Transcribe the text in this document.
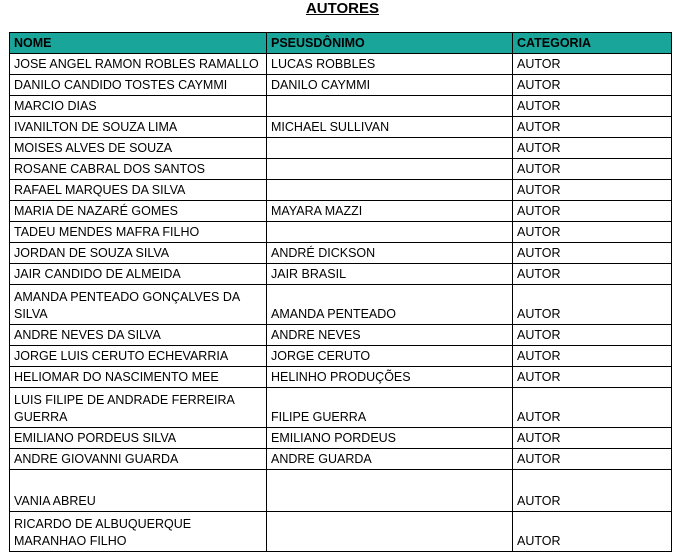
AUTORES
NOME	PSEUSDÔNIMO	CATEGORIA
JOSE ANGEL RAMON ROBLES RAMALLO	LUCAS ROBBLES	AUTOR
DANILO CANDIDO TOSTES CAYMMI	DANILO CAYMMI	AUTOR
MARCIO DIAS		AUTOR
IVANILTON DE SOUZA LIMA	MICHAEL SULLIVAN	AUTOR
MOISES ALVES DE SOUZA		AUTOR
ROSANE CABRAL DOS SANTOS		AUTOR
RAFAEL MARQUES DA SILVA		AUTOR
MARIA DE NAZARÉ GOMES	MAYARA MAZZI	AUTOR
TADEU MENDES MAFRA FILHO		AUTOR
JORDAN DE SOUZA SILVA	ANDRÉ DICKSON	AUTOR
JAIR CANDIDO DE ALMEIDA	JAIR BRASIL	AUTOR
AMANDA PENTEADO GONÇALVES DA SILVA	AMANDA PENTEADO	AUTOR
ANDRE NEVES DA SILVA	ANDRE NEVES	AUTOR
JORGE LUIS CERUTO ECHEVARRIA	JORGE CERUTO	AUTOR
HELIOMAR DO NASCIMENTO MEE	HELINHO PRODUÇÕES	AUTOR
LUIS FILIPE DE ANDRADE FERREIRA GUERRA	FILIPE GUERRA	AUTOR
EMILIANO PORDEUS SILVA	EMILIANO PORDEUS	AUTOR
ANDRE GIOVANNI GUARDA	ANDRE GUARDA	AUTOR
VANIA ABREU		AUTOR
RICARDO DE ALBUQUERQUE MARANHAO FILHO		AUTOR
